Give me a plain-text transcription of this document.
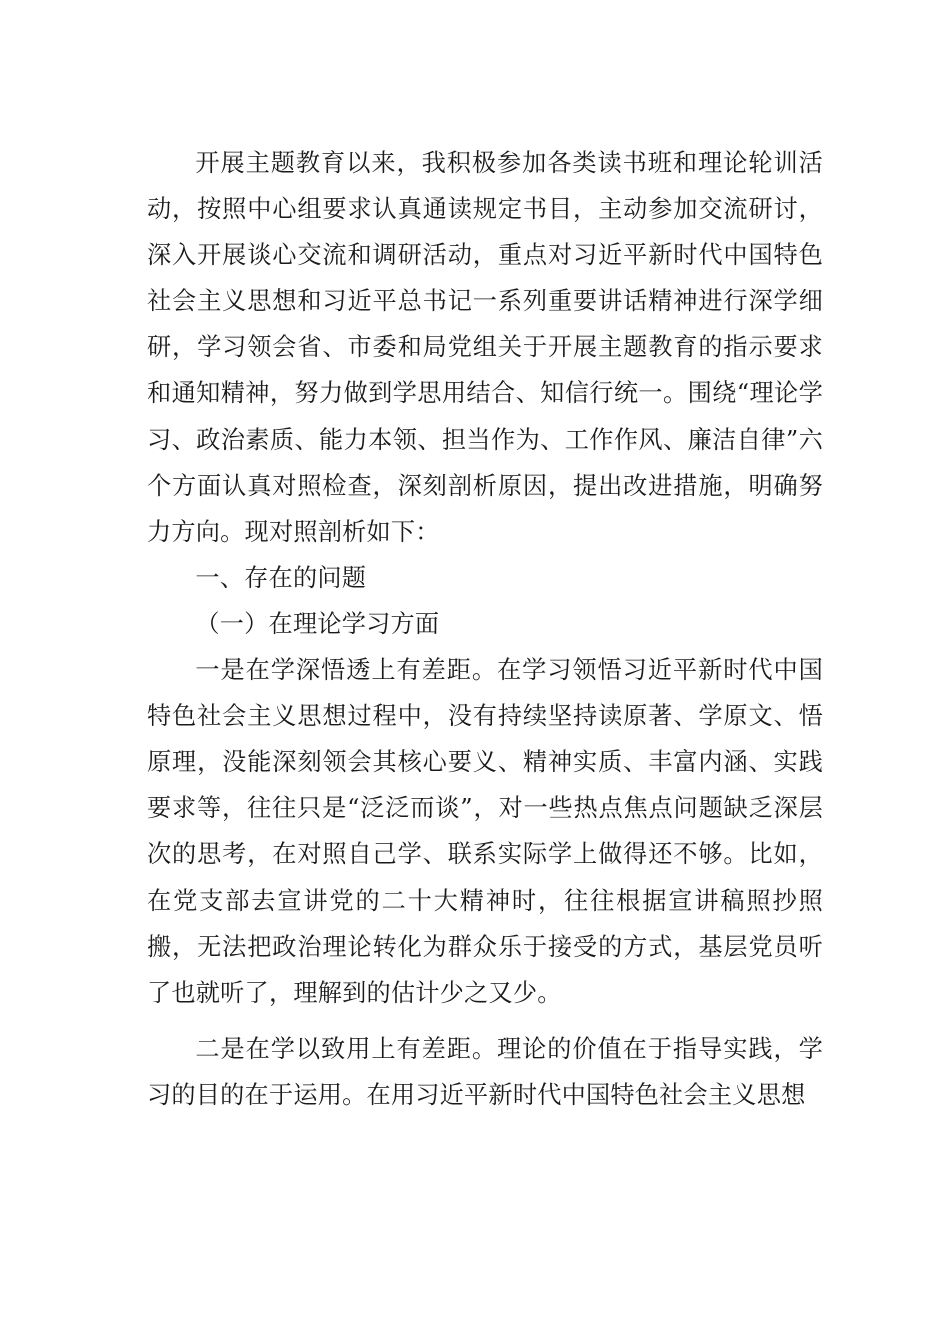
开展主题教育以来，我积极参加各类读书班和理论轮训活动，按照中心组要求认真通读规定书目，主动参加交流研讨，深入开展谈心交流和调研活动，重点对习近平新时代中国特色社会主义思想和习近平总书记一系列重要讲话精神进行深学细研，学习领会省、市委和局党组关于开展主题教育的指示要求和通知精神，努力做到学思用结合、知信行统一。围绕“理论学习、政治素质、能力本领、担当作为、工作作风、廉洁自律”六个方面认真对照检查，深刻剖析原因，提出改进措施，明确努力方向。现对照剖析如下：

一、存在的问题

（一）在理论学习方面

一是在学深悟透上有差距。在学习领悟习近平新时代中国特色社会主义思想过程中，没有持续坚持读原著、学原文、悟原理，没能深刻领会其核心要义、精神实质、丰富内涵、实践要求等，往往只是“泛泛而谈”，对一些热点焦点问题缺乏深层次的思考，在对照自己学、联系实际学上做得还不够。比如，在党支部去宣讲党的二十大精神时，往往根据宣讲稿照抄照搬，无法把政治理论转化为群众乐于接受的方式，基层党员听了也就听了，理解到的估计少之又少。

二是在学以致用上有差距。理论的价值在于指导实践，学习的目的在于运用。在用习近平新时代中国特色社会主义思想
